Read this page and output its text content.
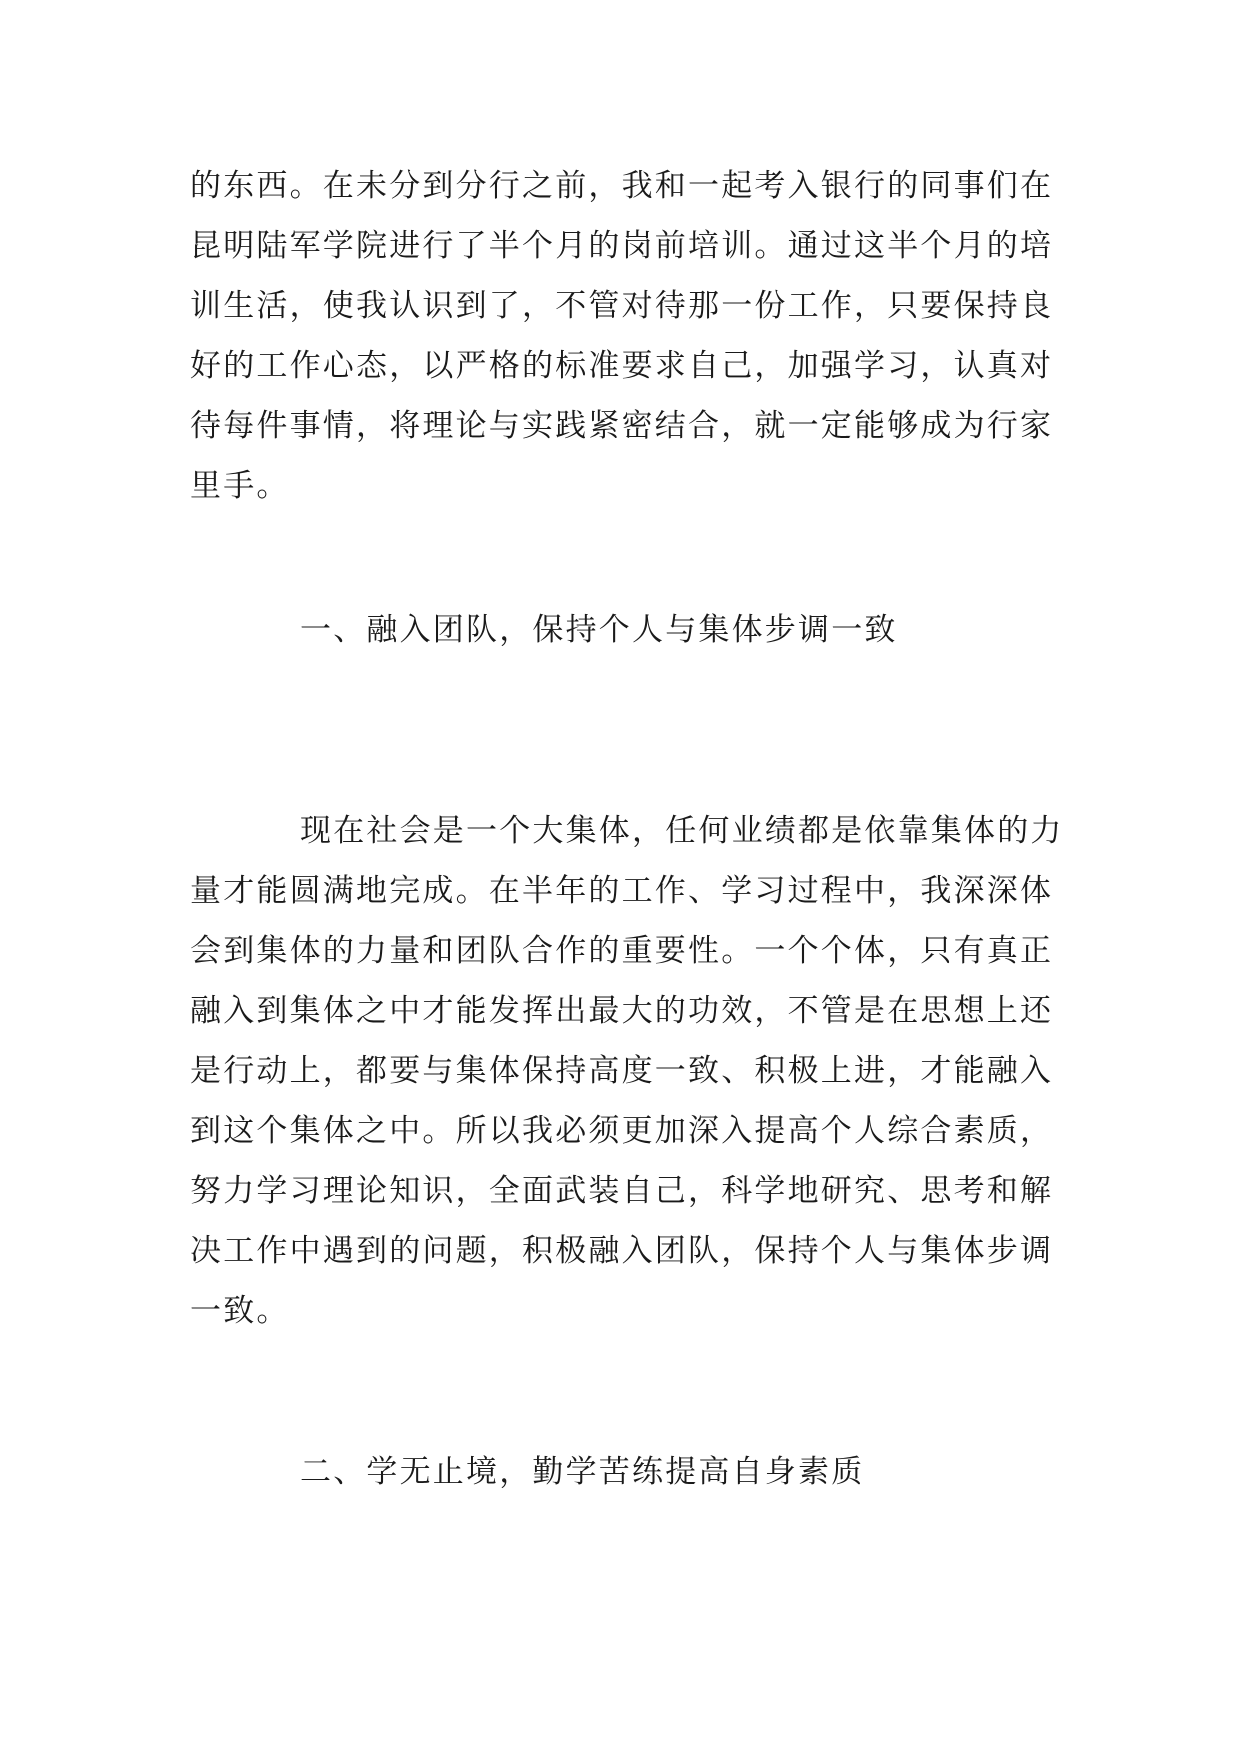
的东西。在未分到分行之前，我和一起考入银行的同事们在
昆明陆军学院进行了半个月的岗前培训。通过这半个月的培
训生活，使我认识到了，不管对待那一份工作，只要保持良
好的工作心态，以严格的标准要求自己，加强学习，认真对
待每件事情，将理论与实践紧密结合，就一定能够成为行家
里手。

一、融入团队，保持个人与集体步调一致

现在社会是一个大集体，任何业绩都是依靠集体的力
量才能圆满地完成。在半年的工作、学习过程中，我深深体
会到集体的力量和团队合作的重要性。一个个体，只有真正
融入到集体之中才能发挥出最大的功效，不管是在思想上还
是行动上，都要与集体保持高度一致、积极上进，才能融入
到这个集体之中。所以我必须更加深入提高个人综合素质，
努力学习理论知识，全面武装自己，科学地研究、思考和解
决工作中遇到的问题，积极融入团队，保持个人与集体步调
一致。

二、学无止境，勤学苦练提高自身素质
